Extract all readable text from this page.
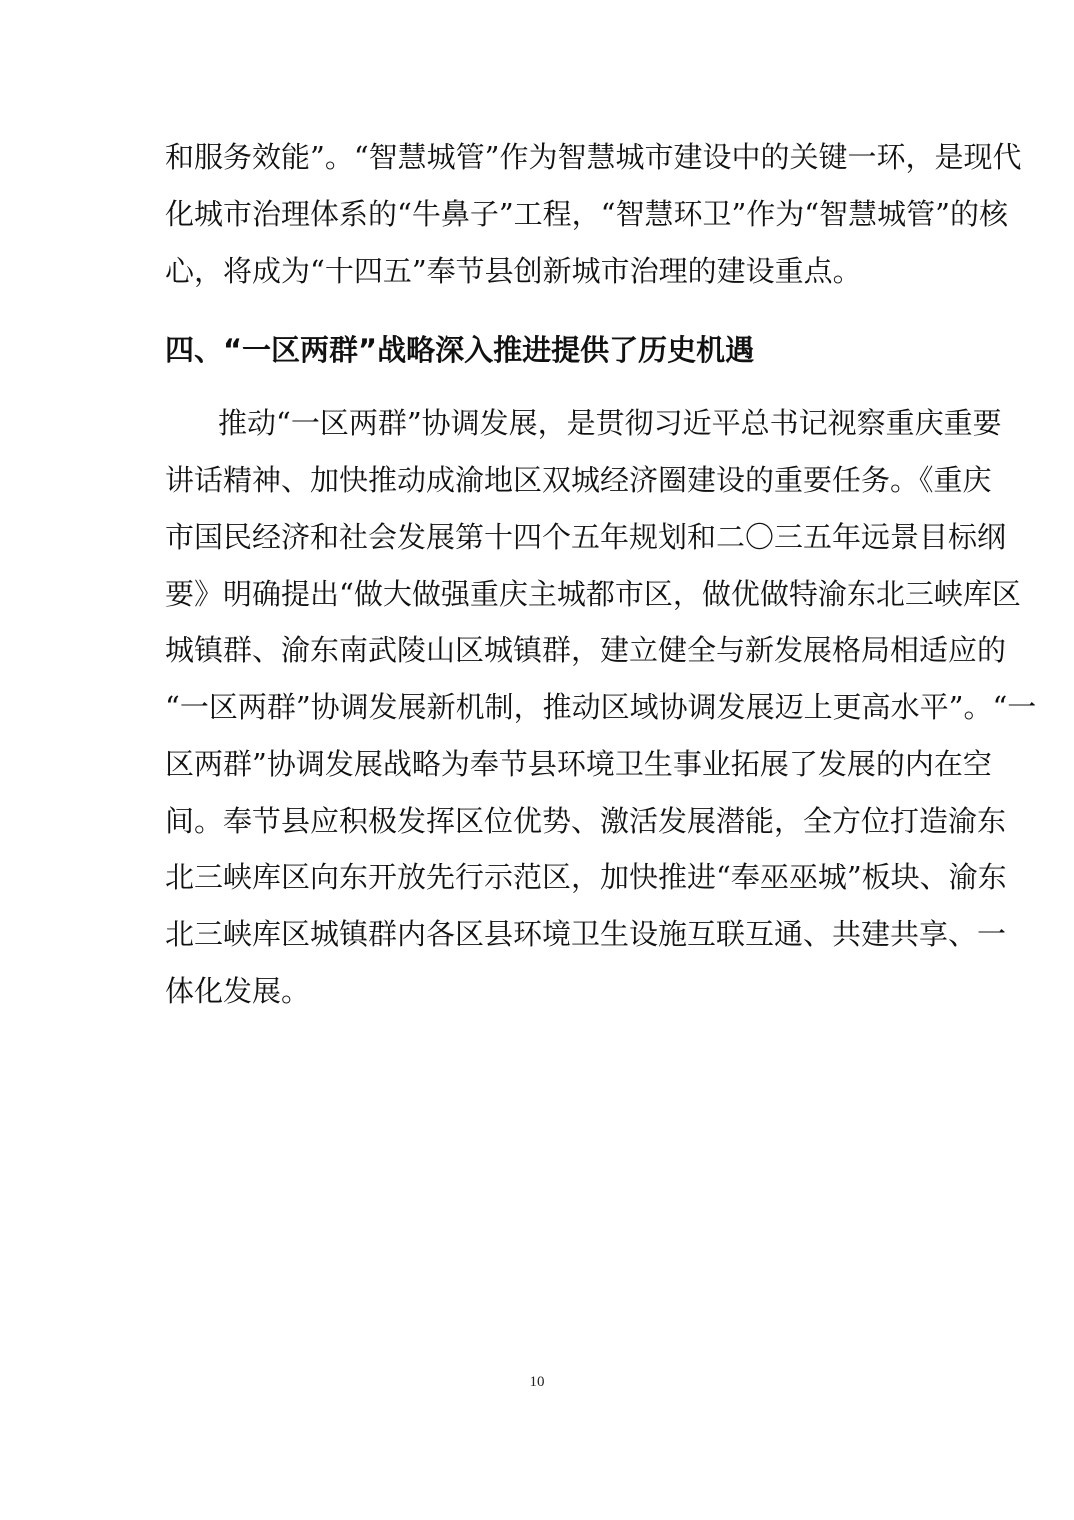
和服务效能”。“智慧城管”作为智慧城市建设中的关键一环，是现代
化城市治理体系的“牛鼻子”工程，“智慧环卫”作为“智慧城管”的核
心，将成为“十四五”奉节县创新城市治理的建设重点。
四、“一区两群”战略深入推进提供了历史机遇
推动“一区两群”协调发展，是贯彻习近平总书记视察重庆重要
讲话精神、加快推动成渝地区双城经济圈建设的重要任务。《重庆
市国民经济和社会发展第十四个五年规划和二〇三五年远景目标纲
要》明确提出“做大做强重庆主城都市区，做优做特渝东北三峡库区
城镇群、渝东南武陵山区城镇群，建立健全与新发展格局相适应的
“一区两群”协调发展新机制，推动区域协调发展迈上更高水平”。“一
区两群”协调发展战略为奉节县环境卫生事业拓展了发展的内在空
间。奉节县应积极发挥区位优势、激活发展潜能，全方位打造渝东
北三峡库区向东开放先行示范区，加快推进“奉巫巫城”板块、渝东
北三峡库区城镇群内各区县环境卫生设施互联互通、共建共享、一
体化发展。
10
